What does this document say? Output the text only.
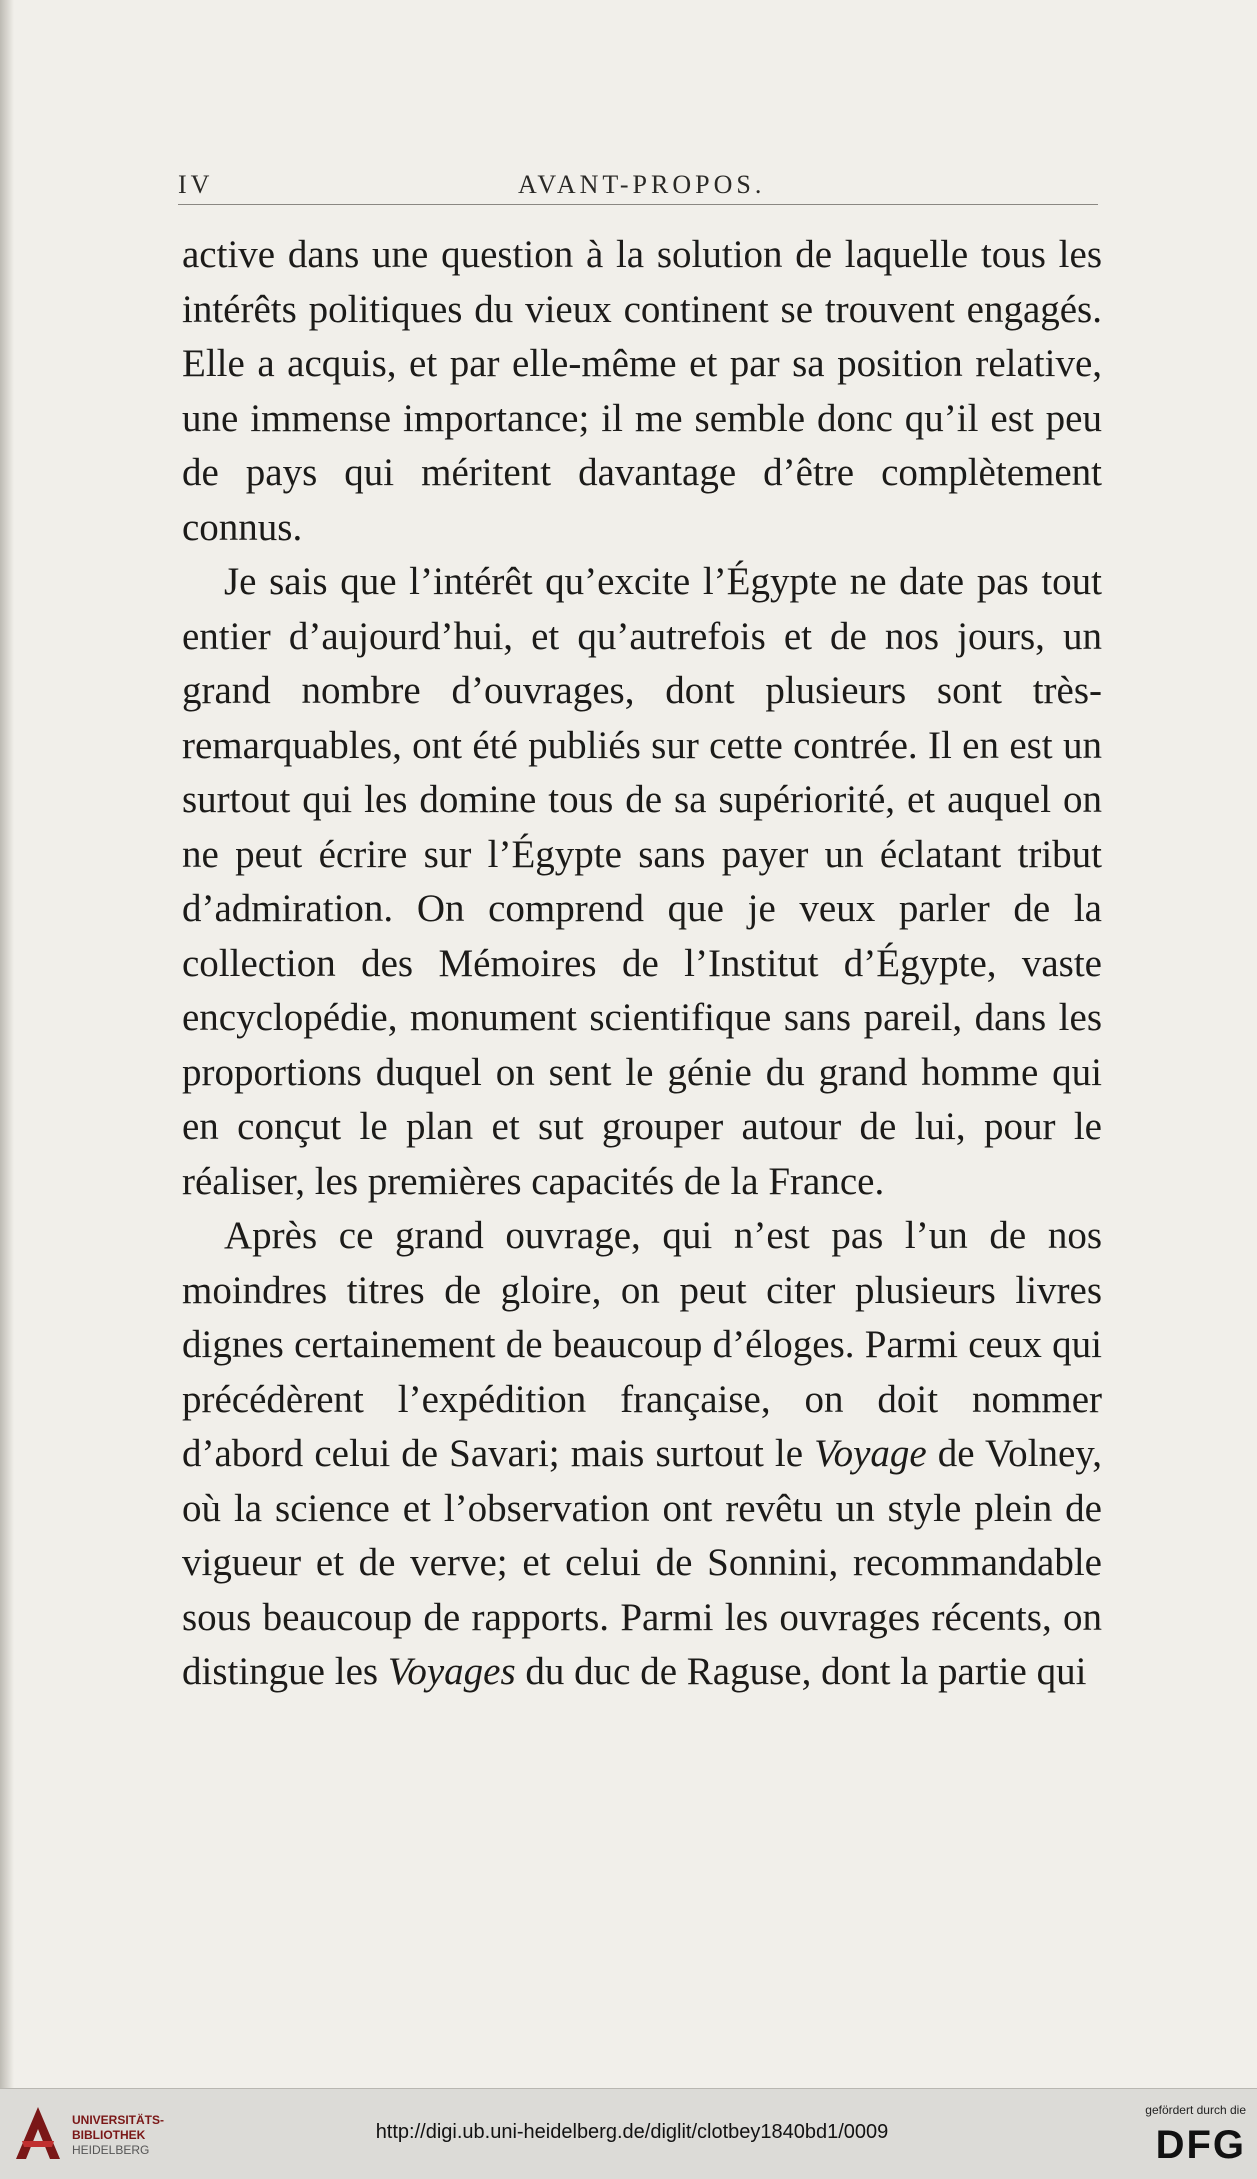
IV	AVANT-PROPOS.

active dans une question à la solution de laquelle tous les intérêts politiques du vieux continent se trouvent engagés. Elle a acquis, et par elle-même et par sa position relative, une immense importance; il me semble donc qu’il est peu de pays qui méritent davantage d’être complètement connus.

Je sais que l’intérêt qu’excite l’Égypte ne date pas tout entier d’aujourd’hui, et qu’autrefois et de nos jours, un grand nombre d’ouvrages, dont plusieurs sont très-remarquables, ont été publiés sur cette contrée. Il en est un surtout qui les domine tous de sa supériorité, et auquel on ne peut écrire sur l’Égypte sans payer un éclatant tribut d’admiration. On comprend que je veux parler de la collection des Mémoires de l’Institut d’Égypte, vaste encyclopédie, monument scientifique sans pareil, dans les proportions duquel on sent le génie du grand homme qui en conçut le plan et sut grouper autour de lui, pour le réaliser, les premières capacités de la France.

Après ce grand ouvrage, qui n’est pas l’un de nos moindres titres de gloire, on peut citer plusieurs livres dignes certainement de beaucoup d’éloges. Parmi ceux qui précédèrent l’expédition française, on doit nommer d’abord celui de Savari; mais surtout le Voyage de Volney, où la science et l’observation ont revêtu un style plein de vigueur et de verve; et celui de Sonnini, recommandable sous beaucoup de rapports. Parmi les ouvrages récents, on distingue les Voyages du duc de Raguse, dont la partie qui

UNIVERSITÄTS-
BIBLIOTHEK
HEIDELBERG
http://digi.ub.uni-heidelberg.de/diglit/clotbey1840bd1/0009
gefördert durch die
DFG
